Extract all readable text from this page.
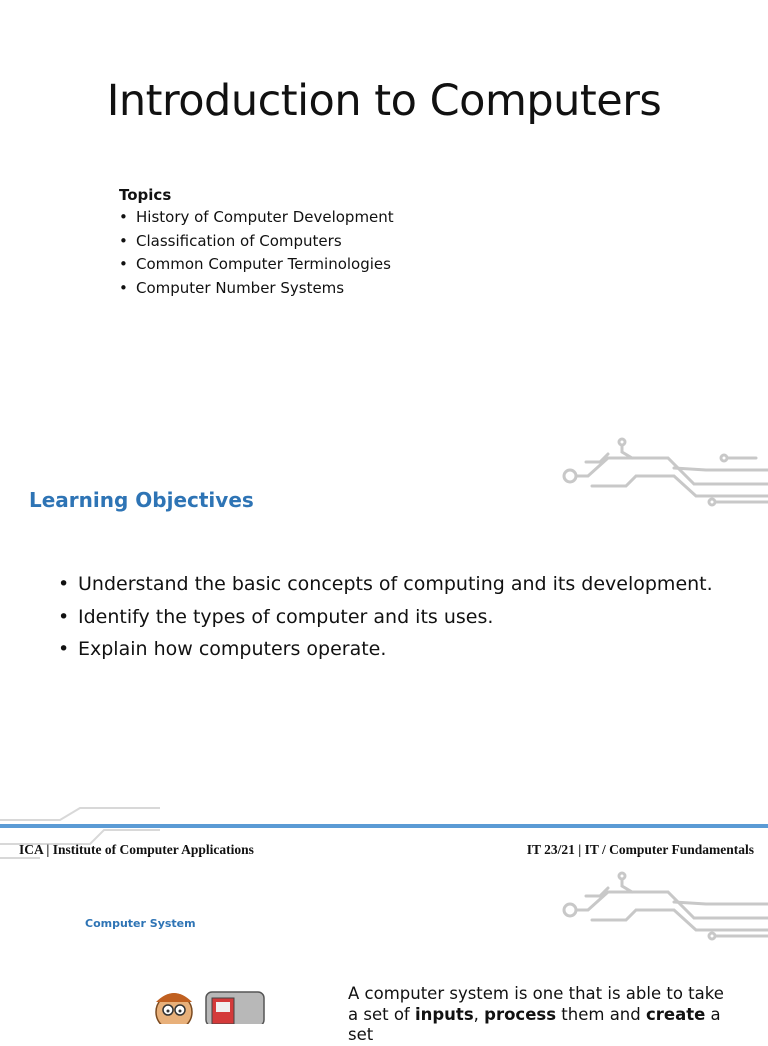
Introduction to Computers
Topics
• History of Computer Development
• Classification of Computers
• Common Computer Terminologies
• Computer Number Systems
Learning Objectives
• Understand the basic concepts of computing and its development.
• Identify the types of computer and its uses.
• Explain how computers operate.
ICA | Institute of Computer Applications	IT 23/21 | IT / Computer Fundamentals
Computer System

A computer system is one that is able to take a set of inputs, process them and create a set
